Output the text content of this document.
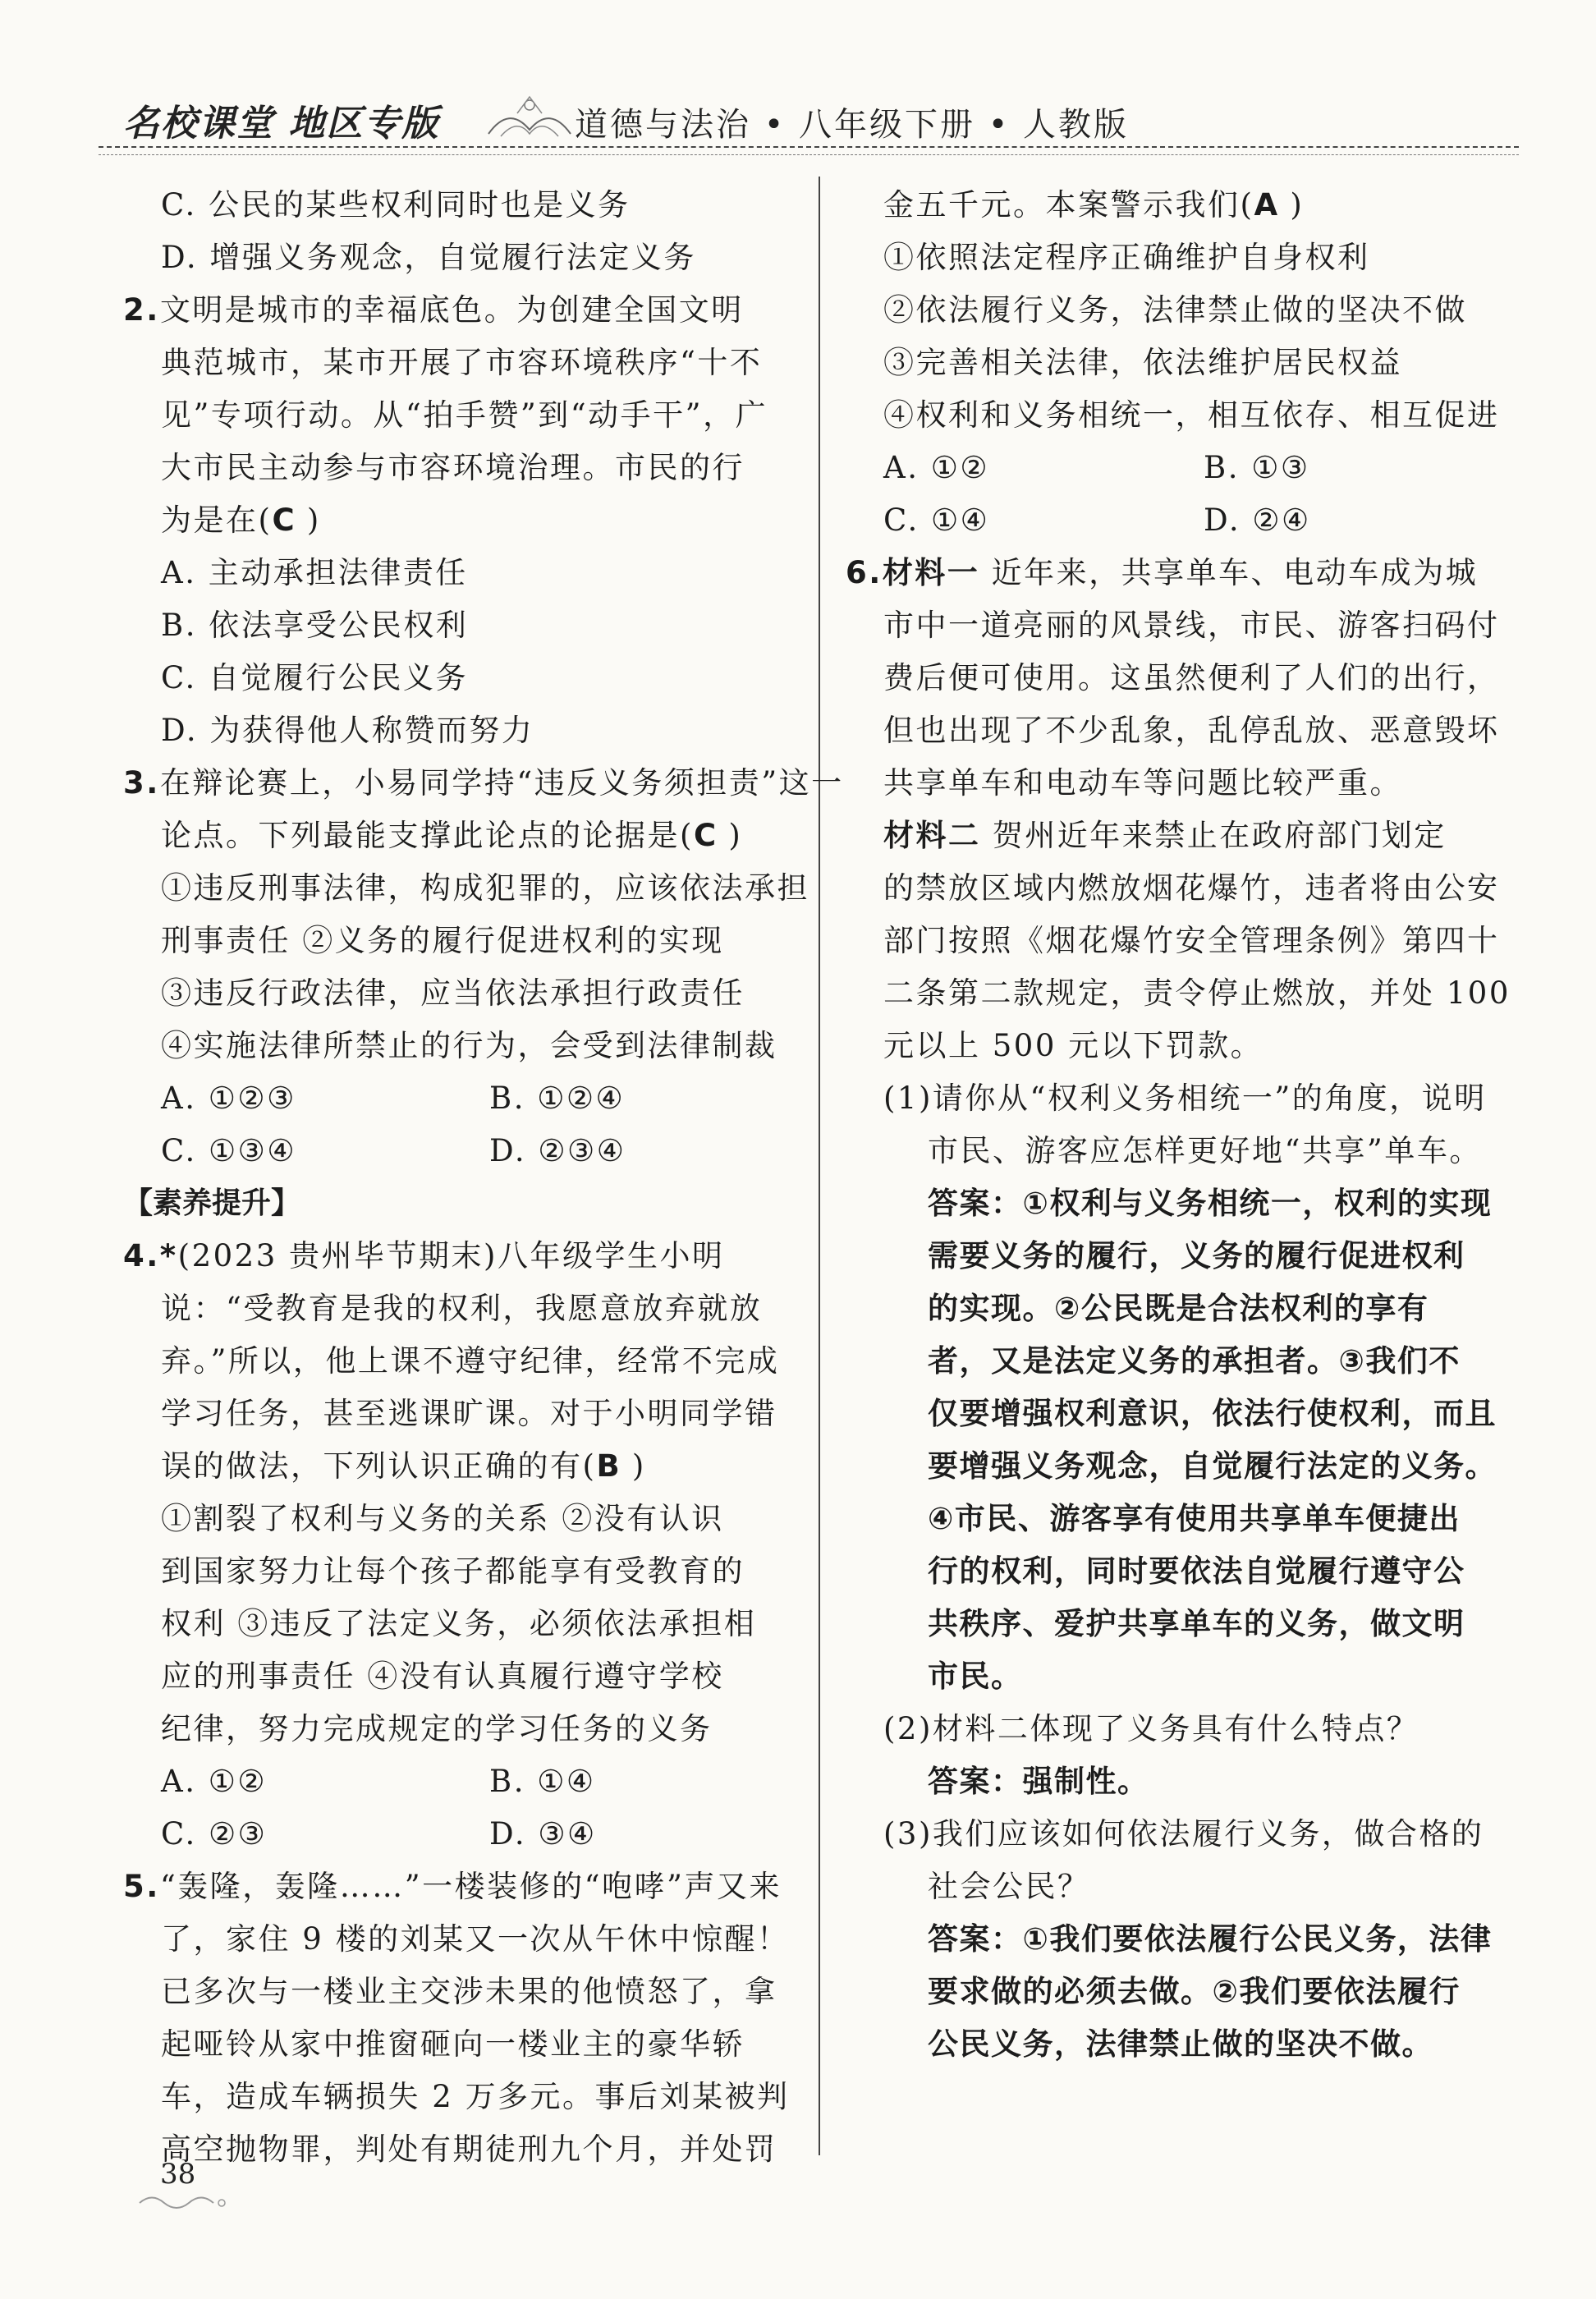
名校课堂 地区专版	道德与法治 • 八年级下册 • 人教版
C. 公民的某些权利同时也是义务
D. 增强义务观念，自觉履行法定义务
2.文明是城市的幸福底色。为创建全国文明
典范城市，某市开展了市容环境秩序“十不
见”专项行动。从“拍手赞”到“动手干”，广
大市民主动参与市容环境治理。市民的行
为是在(C )
A. 主动承担法律责任
B. 依法享受公民权利
C. 自觉履行公民义务
D. 为获得他人称赞而努力
3.在辩论赛上，小易同学持“违反义务须担责”这一
论点。下列最能支撑此论点的论据是(C )
①违反刑事法律，构成犯罪的，应该依法承担
刑事责任 ②义务的履行促进权利的实现
③违反行政法律，应当依法承担行政责任
④实施法律所禁止的行为，会受到法律制裁
A. ①②③	B. ①②④
C. ①③④	D. ②③④
【素养提升】
4.*(2023 贵州毕节期末)八年级学生小明
说：“受教育是我的权利，我愿意放弃就放
弃。”所以，他上课不遵守纪律，经常不完成
学习任务，甚至逃课旷课。对于小明同学错
误的做法，下列认识正确的有(B )
①割裂了权利与义务的关系 ②没有认识
到国家努力让每个孩子都能享有受教育的
权利 ③违反了法定义务，必须依法承担相
应的刑事责任 ④没有认真履行遵守学校
纪律，努力完成规定的学习任务的义务
A. ①②	B. ①④
C. ②③	D. ③④
5.“轰隆，轰隆……”一楼装修的“咆哮”声又来
了，家住 9 楼的刘某又一次从午休中惊醒！
已多次与一楼业主交涉未果的他愤怒了，拿
起哑铃从家中推窗砸向一楼业主的豪华轿
车，造成车辆损失 2 万多元。事后刘某被判
高空抛物罪，判处有期徒刑九个月，并处罚
金五千元。本案警示我们(A )
①依照法定程序正确维护自身权利
②依法履行义务，法律禁止做的坚决不做
③完善相关法律，依法维护居民权益
④权利和义务相统一，相互依存、相互促进
A. ①②	B. ①③
C. ①④	D. ②④
6.材料一 近年来，共享单车、电动车成为城
市中一道亮丽的风景线，市民、游客扫码付
费后便可使用。这虽然便利了人们的出行，
但也出现了不少乱象，乱停乱放、恶意毁坏
共享单车和电动车等问题比较严重。
材料二 贺州近年来禁止在政府部门划定
的禁放区域内燃放烟花爆竹，违者将由公安
部门按照《烟花爆竹安全管理条例》第四十
二条第二款规定，责令停止燃放，并处 100
元以上 500 元以下罚款。
(1)请你从“权利义务相统一”的角度，说明
市民、游客应怎样更好地“共享”单车。
答案：①权利与义务相统一，权利的实现
需要义务的履行，义务的履行促进权利
的实现。②公民既是合法权利的享有
者，又是法定义务的承担者。③我们不
仅要增强权利意识，依法行使权利，而且
要增强义务观念，自觉履行法定的义务。
④市民、游客享有使用共享单车便捷出
行的权利，同时要依法自觉履行遵守公
共秩序、爱护共享单车的义务，做文明
市民。
(2)材料二体现了义务具有什么特点？
答案：强制性。
(3)我们应该如何依法履行义务，做合格的
社会公民？
答案：①我们要依法履行公民义务，法律
要求做的必须去做。②我们要依法履行
公民义务，法律禁止做的坚决不做。
38
